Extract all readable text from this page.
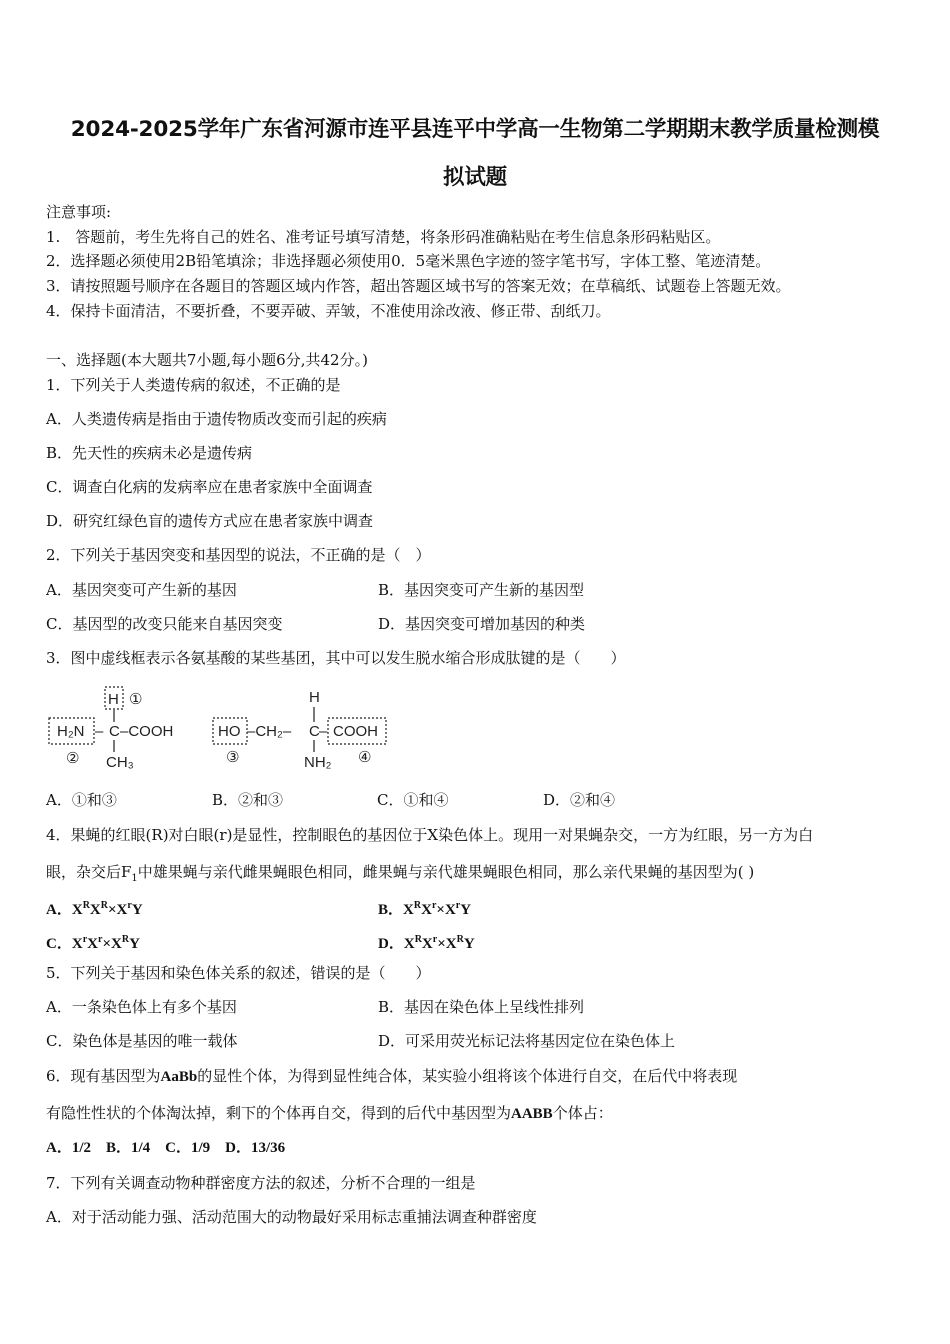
2024-2025学年广东省河源市连平县连平中学高一生物第二学期期末教学质量检测模
拟试题
注意事项:
1.　答题前，考生先将自己的姓名、准考证号填写清楚，将条形码准确粘贴在考生信息条形码粘贴区。
2．选择题必须使用2B铅笔填涂；非选择题必须使用0．5毫米黑色字迹的签字笔书写，字体工整、笔迹清楚。
3．请按照题号顺序在各题目的答题区域内作答，超出答题区域书写的答案无效；在草稿纸、试题卷上答题无效。
4．保持卡面清洁，不要折叠，不要弄破、弄皱，不准使用涂改液、修正带、刮纸刀。
一、选择题(本大题共7小题,每小题6分,共42分。)
1．下列关于人类遗传病的叙述，不正确的是
A．人类遗传病是指由于遗传物质改变而引起的疾病
B．先天性的疾病未必是遗传病
C．调查白化病的发病率应在患者家族中全面调查
D．研究红绿色盲的遗传方式应在患者家族中调查
2．下列关于基因突变和基因型的说法，不正确的是（　）
A．基因突变可产生新的基因	B．基因突变可产生新的基因型
C．基因型的改变只能来自基因突变	D．基因突变可增加基因的种类
3．图中虚线框表示各氨基酸的某些基团，其中可以发生脱水缩合形成肽键的是（　　）
H ①
H₂N – C –COOH
② CH₃
HO –CH₂–
H
C – COOH
③	NH₂ ④
A．①和③	B．②和③	C．①和④	D．②和④
4．果蝇的红眼(R)对白眼(r)是显性，控制眼色的基因位于X染色体上。现用一对果蝇杂交，一方为红眼，另一方为白
眼，杂交后$F_1$中雄果蝇与亲代雌果蝇眼色相同，雌果蝇与亲代雄果蝇眼色相同，那么亲代果蝇的基因型为( )
A．$X^RX^R\times X^rY$	B．$X^RX^r\times X^rY$
C．$X^rX^r\times X^RY$	D．$X^RX^r\times X^RY$
5．下列关于基因和染色体关系的叙述，错误的是（　　）
A．一条染色体上有多个基因	B．基因在染色体上呈线性排列
C．染色体是基因的唯一载体	D．可采用荧光标记法将基因定位在染色体上
6．现有基因型为AaBb的显性个体，为得到显性纯合体，某实验小组将该个体进行自交，在后代中将表现
有隐性性状的个体淘汰掉，剩下的个体再自交，得到的后代中基因型为AABB个体占：
A．1/2　B．1/4　C．1/9　D．13/36
7．下列有关调查动物种群密度方法的叙述，分析不合理的一组是
A．对于活动能力强、活动范围大的动物最好采用标志重捕法调查种群密度
